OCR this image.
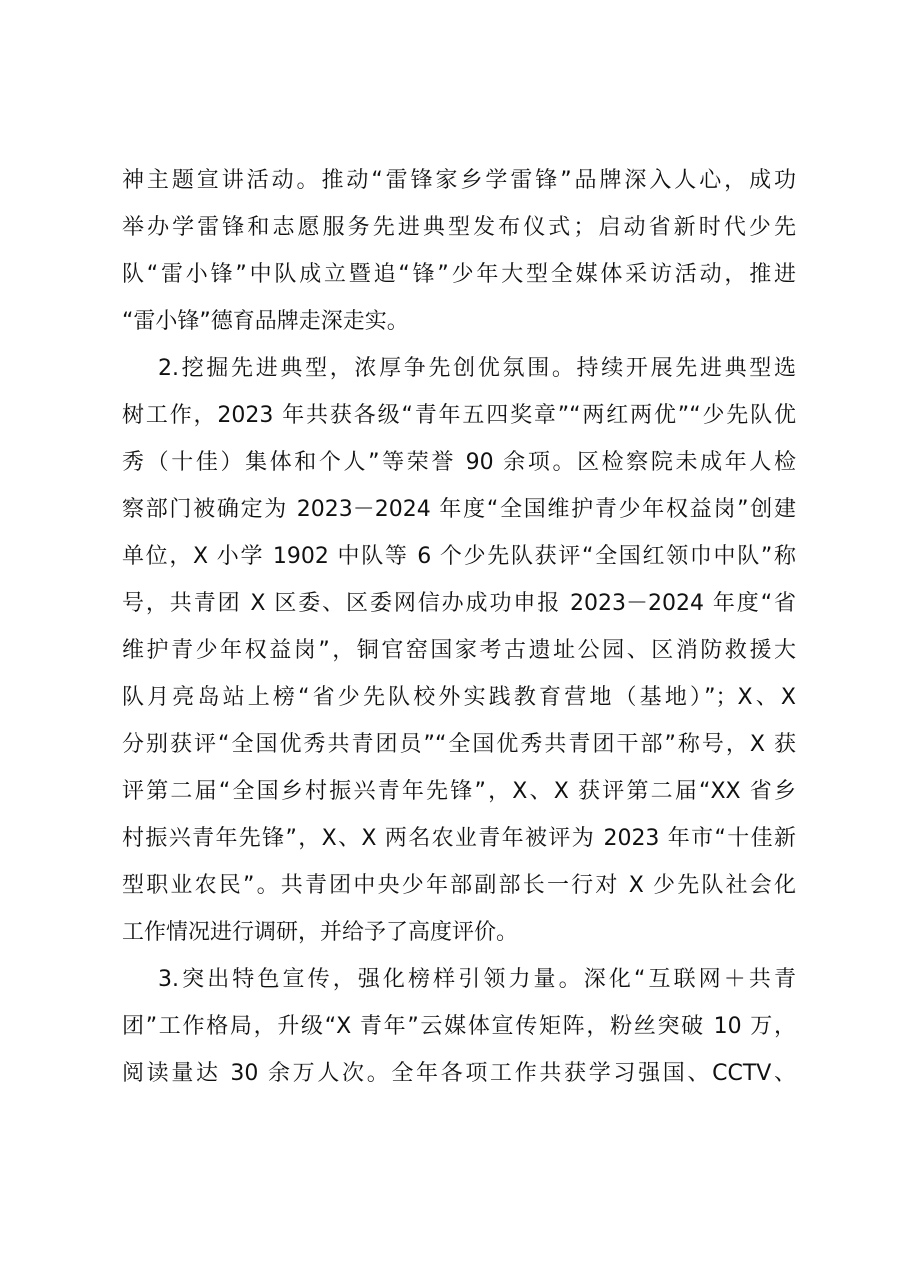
神主题宣讲活动。推动“雷锋家乡学雷锋”品牌深入人心，成功
举办学雷锋和志愿服务先进典型发布仪式；启动省新时代少先
队“雷小锋”中队成立暨追“锋”少年大型全媒体采访活动，推进
“雷小锋”德育品牌走深走实。
2.挖掘先进典型，浓厚争先创优氛围。持续开展先进典型选
树工作，2023 年共获各级“青年五四奖章”“两红两优”“少先队优
秀（十佳）集体和个人”等荣誉 90 余项。区检察院未成年人检
察部门被确定为 2023－2024 年度“全国维护青少年权益岗”创建
单位，X 小学 1902 中队等 6 个少先队获评“全国红领巾中队”称
号，共青团 X 区委、区委网信办成功申报 2023－2024 年度“省
维护青少年权益岗”，铜官窑国家考古遗址公园、区消防救援大
队月亮岛站上榜“省少先队校外实践教育营地（基地）”；X、X
分别获评“全国优秀共青团员”“全国优秀共青团干部”称号，X 获
评第二届“全国乡村振兴青年先锋”，X、X 获评第二届“XX 省乡
村振兴青年先锋”，X、X 两名农业青年被评为 2023 年市“十佳新
型职业农民”。共青团中央少年部副部长一行对 X 少先队社会化
工作情况进行调研，并给予了高度评价。
3.突出特色宣传，强化榜样引领力量。深化“互联网＋共青
团”工作格局，升级“X 青年”云媒体宣传矩阵，粉丝突破 10 万，
阅读量达 30 余万人次。全年各项工作共获学习强国、CCTV、
